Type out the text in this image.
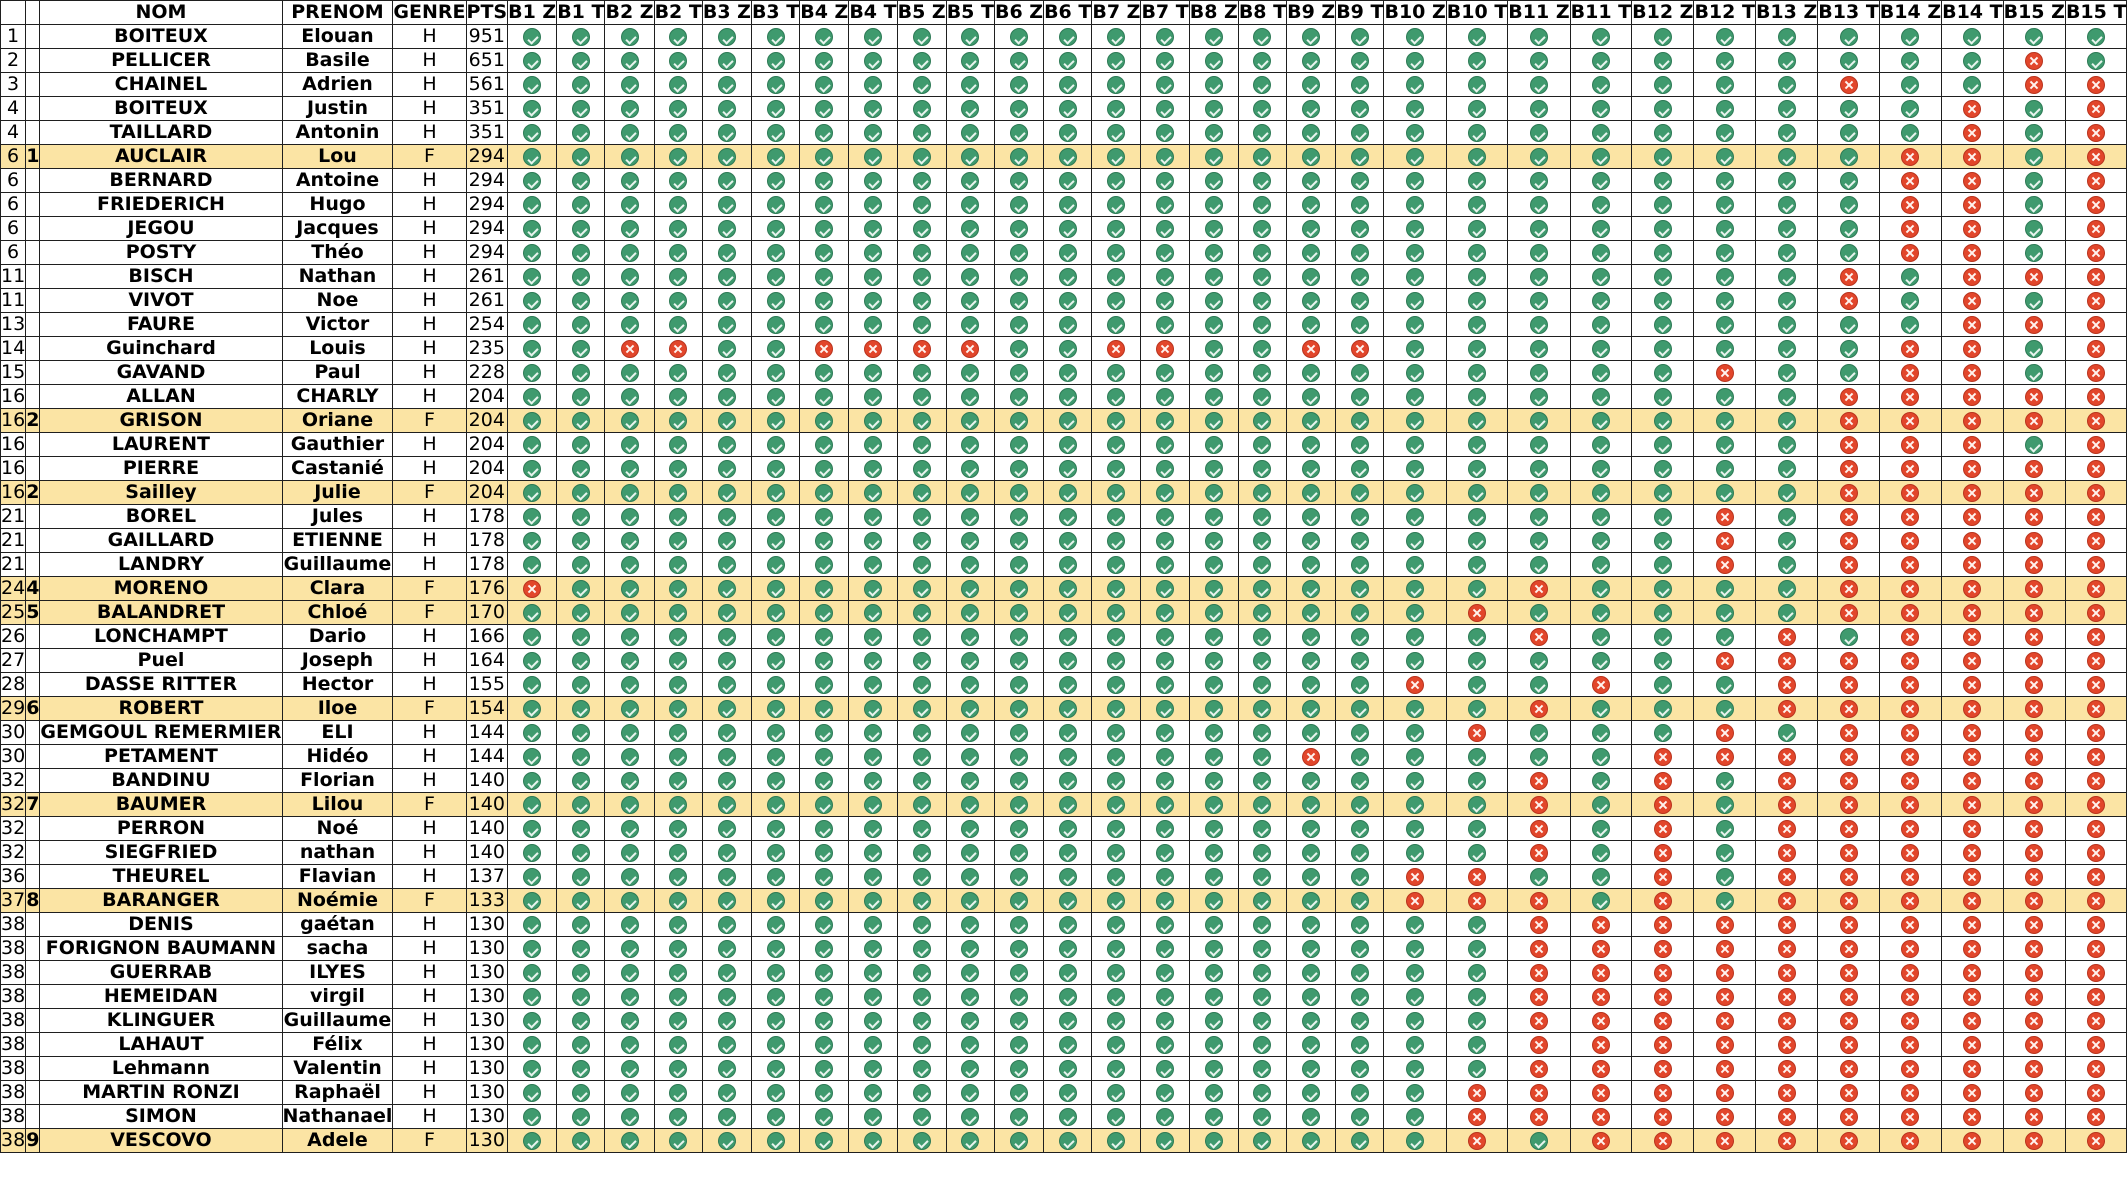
		NOM	PRENOM	GENRE	PTS	B1 Z	B1 T	B2 Z	B2 T	B3 Z	B3 T	B4 Z	B4 T	B5 Z	B5 T	B6 Z	B6 T	B7 Z	B7 T	B8 Z	B8 T	B9 Z	B9 T	B10 Z	B10 T	B11 Z	B11 T	B12 Z	B12 T	B13 Z	B13 T	B14 Z	B14 T	B15 Z	B15 T
1		BOITEUX	Elouan	H	951																														
2		PELLICER	Basile	H	651																														
3		CHAINEL	Adrien	H	561																														
4		BOITEUX	Justin	H	351																														
4		TAILLARD	Antonin	H	351																														
6	1	AUCLAIR	Lou	F	294																														
6		BERNARD	Antoine	H	294																														
6		FRIEDERICH	Hugo	H	294																														
6		JEGOU	Jacques	H	294																														
6		POSTY	Théo	H	294																														
11		BISCH	Nathan	H	261																														
11		VIVOT	Noe	H	261																														
13		FAURE	Victor	H	254																														
14		Guinchard	Louis	H	235																														
15		GAVAND	Paul	H	228																														
16		ALLAN	CHARLY	H	204																														
16	2	GRISON	Oriane	F	204																														
16		LAURENT	Gauthier	H	204																														
16		PIERRE	Castanié	H	204																														
16	2	Sailley	Julie	F	204																														
21		BOREL	Jules	H	178																														
21		GAILLARD	ETIENNE	H	178																														
21		LANDRY	Guillaume	H	178																														
24	4	MORENO	Clara	F	176																														
25	5	BALANDRET	Chloé	F	170																														
26		LONCHAMPT	Dario	H	166																														
27		Puel	Joseph	H	164																														
28		DASSE RITTER	Hector	H	155																														
29	6	ROBERT	Iloe	F	154																														
30		GEMGOUL REMERMIER	ELI	H	144																														
30		PETAMENT	Hidéo	H	144																														
32		BANDINU	Florian	H	140																														
32	7	BAUMER	Lilou	F	140																														
32		PERRON	Noé	H	140																														
32		SIEGFRIED	nathan	H	140																														
36		THEUREL	Flavian	H	137																														
37	8	BARANGER	Noémie	F	133																														
38		DENIS	gaétan	H	130																														
38		FORIGNON BAUMANN	sacha	H	130																														
38		GUERRAB	ILYES	H	130																														
38		HEMEIDAN	virgil	H	130																														
38		KLINGUER	Guillaume	H	130																														
38		LAHAUT	Félix	H	130																														
38		Lehmann	Valentin	H	130																														
38		MARTIN RONZI	Raphaël	H	130																														
38		SIMON	Nathanael	H	130																														
38	9	VESCOVO	Adele	F	130																														
